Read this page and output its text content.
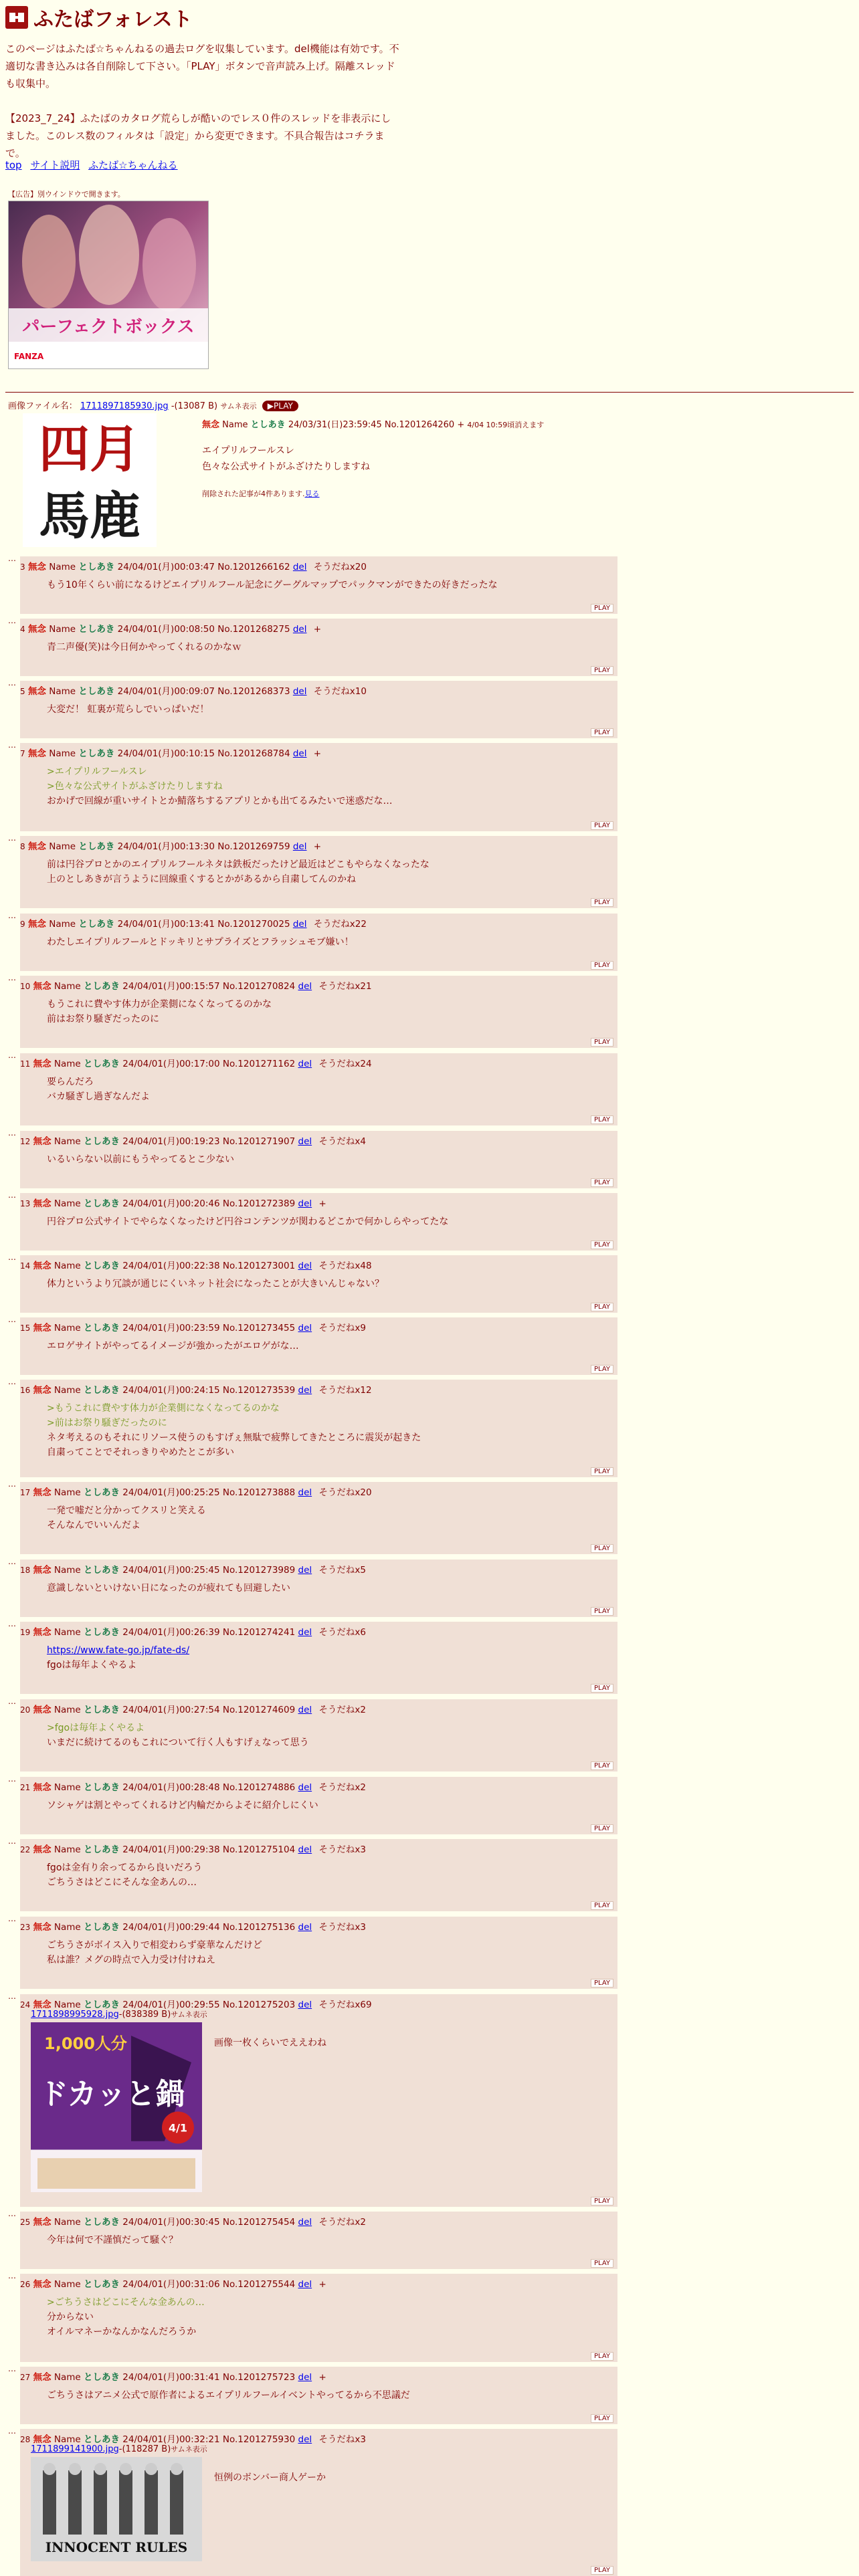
ふたばフォレスト

このページはふたば☆ちゃんねるの過去ログを収集しています。del機能は有効です。不適切な書き込みは各自削除して下さい。「PLAY」ボタンで音声読み上げ。隔離スレッドも収集中。

【2023_7_24】ふたばのカタログ荒らしが酷いのでレス０件のスレッドを非表示にしました。このレス数のフィルタは「設定」から変更できます。不具合報告はコチラまで。

top サイト説明 ふたば☆ちゃんねる
【広告】別ウインドウで開きます。
パーフェクトボックス
FANZA
画像ファイル名： 1711897185930.jpg -(13087 B) サムネ表示 ▶PLAY
四月
馬鹿
無念 Name としあき 24/03/31(日)23:59:45 No.1201264260 + 4/04 10:59頃消えます
エイプリルフールスレ
色々な公式サイトがふざけたりしますね
削除された記事が4件あります.見る
…
3 無念 Name としあき 24/04/01(月)00:03:47 No.1201266162 del そうだねx20
もう10年くらい前になるけどエイプリルフール記念にグーグルマップでパックマンができたの好きだったな
PLAY
…
4 無念 Name としあき 24/04/01(月)00:08:50 No.1201268275 del +
青二声優(笑)は今日何かやってくれるのかなｗ
PLAY
…
5 無念 Name としあき 24/04/01(月)00:09:07 No.1201268373 del そうだねx10
大変だ！ 虹裏が荒らしでいっぱいだ！
PLAY
…
7 無念 Name としあき 24/04/01(月)00:10:15 No.1201268784 del +
>エイプリルフールスレ
>色々な公式サイトがふざけたりしますね
おかげで回線が重いサイトとか鯖落ちするアプリとかも出てるみたいで迷惑だな…
PLAY
…
8 無念 Name としあき 24/04/01(月)00:13:30 No.1201269759 del +
前は円谷プロとかのエイプリルフールネタは鉄板だったけど最近はどこもやらなくなったな
上のとしあきが言うように回線重くするとかがあるから自粛してんのかね
PLAY
…
9 無念 Name としあき 24/04/01(月)00:13:41 No.1201270025 del そうだねx22
わたしエイプリルフールとドッキリとサプライズとフラッシュモブ嫌い！
PLAY
…
10 無念 Name としあき 24/04/01(月)00:15:57 No.1201270824 del そうだねx21
もうこれに費やす体力が企業側になくなってるのかな
前はお祭り騒ぎだったのに
PLAY
…
11 無念 Name としあき 24/04/01(月)00:17:00 No.1201271162 del そうだねx24
要らんだろ
バカ騒ぎし過ぎなんだよ
PLAY
…
12 無念 Name としあき 24/04/01(月)00:19:23 No.1201271907 del そうだねx4
いるいらない以前にもうやってるとこ少ない
PLAY
…
13 無念 Name としあき 24/04/01(月)00:20:46 No.1201272389 del +
円谷プロ公式サイトでやらなくなったけど円谷コンテンツが関わるどこかで何かしらやってたな
PLAY
…
14 無念 Name としあき 24/04/01(月)00:22:38 No.1201273001 del そうだねx48
体力というより冗談が通じにくいネット社会になったことが大きいんじゃない？
PLAY
…
15 無念 Name としあき 24/04/01(月)00:23:59 No.1201273455 del そうだねx9
エロゲサイトがやってるイメージが強かったがエロゲがな…
PLAY
…
16 無念 Name としあき 24/04/01(月)00:24:15 No.1201273539 del そうだねx12
>もうこれに費やす体力が企業側になくなってるのかな
>前はお祭り騒ぎだったのに
ネタ考えるのもそれにリソース使うのもすげぇ無駄で疲弊してきたところに震災が起きた
自粛ってことでそれっきりやめたとこが多い
PLAY
…
17 無念 Name としあき 24/04/01(月)00:25:25 No.1201273888 del そうだねx20
一発で嘘だと分かってクスリと笑える
そんなんでいいんだよ
PLAY
…
18 無念 Name としあき 24/04/01(月)00:25:45 No.1201273989 del そうだねx5
意識しないといけない日になったのが疲れても回避したい
PLAY
…
19 無念 Name としあき 24/04/01(月)00:26:39 No.1201274241 del そうだねx6
https://www.fate-go.jp/fate-ds/
fgoは毎年よくやるよ
PLAY
…
20 無念 Name としあき 24/04/01(月)00:27:54 No.1201274609 del そうだねx2
>fgoは毎年よくやるよ
いまだに続けてるのもこれについて行く人もすげぇなって思う
PLAY
…
21 無念 Name としあき 24/04/01(月)00:28:48 No.1201274886 del そうだねx2
ソシャゲは割とやってくれるけど内輪だからよそに紹介しにくい
PLAY
…
22 無念 Name としあき 24/04/01(月)00:29:38 No.1201275104 del そうだねx3
fgoは金有り余ってるから良いだろう
ごちうさはどこにそんな金あんの…
PLAY
…
23 無念 Name としあき 24/04/01(月)00:29:44 No.1201275136 del そうだねx3
ごちうさがボイス入りで相変わらず豪華なんだけど
私は誰？メグの時点で入力受け付けねえ
PLAY
…
24 無念 Name としあき 24/04/01(月)00:29:55 No.1201275203 del そうだねx69
1711898995928.jpg-(838389 B)サムネ表示
1,000人分
ドカッと鍋
4/1
画像一枚くらいでええわね
PLAY
…
25 無念 Name としあき 24/04/01(月)00:30:45 No.1201275454 del そうだねx2
今年は何で不謹慎だって騒ぐ？
PLAY
…
26 無念 Name としあき 24/04/01(月)00:31:06 No.1201275544 del +
>ごちうさはどこにそんな金あんの…
分からない
オイルマネーかなんかなんだろうか
PLAY
…
27 無念 Name としあき 24/04/01(月)00:31:41 No.1201275723 del +
ごちうさはアニメ公式で原作者によるエイプリルフールイベントやってるから不思議だ
PLAY
…
28 無念 Name としあき 24/04/01(月)00:32:21 No.1201275930 del そうだねx3
1711899141900.jpg-(118287 B)サムネ表示
INNOCENT RULES
恒例のボンバー商人ゲーか
PLAY
